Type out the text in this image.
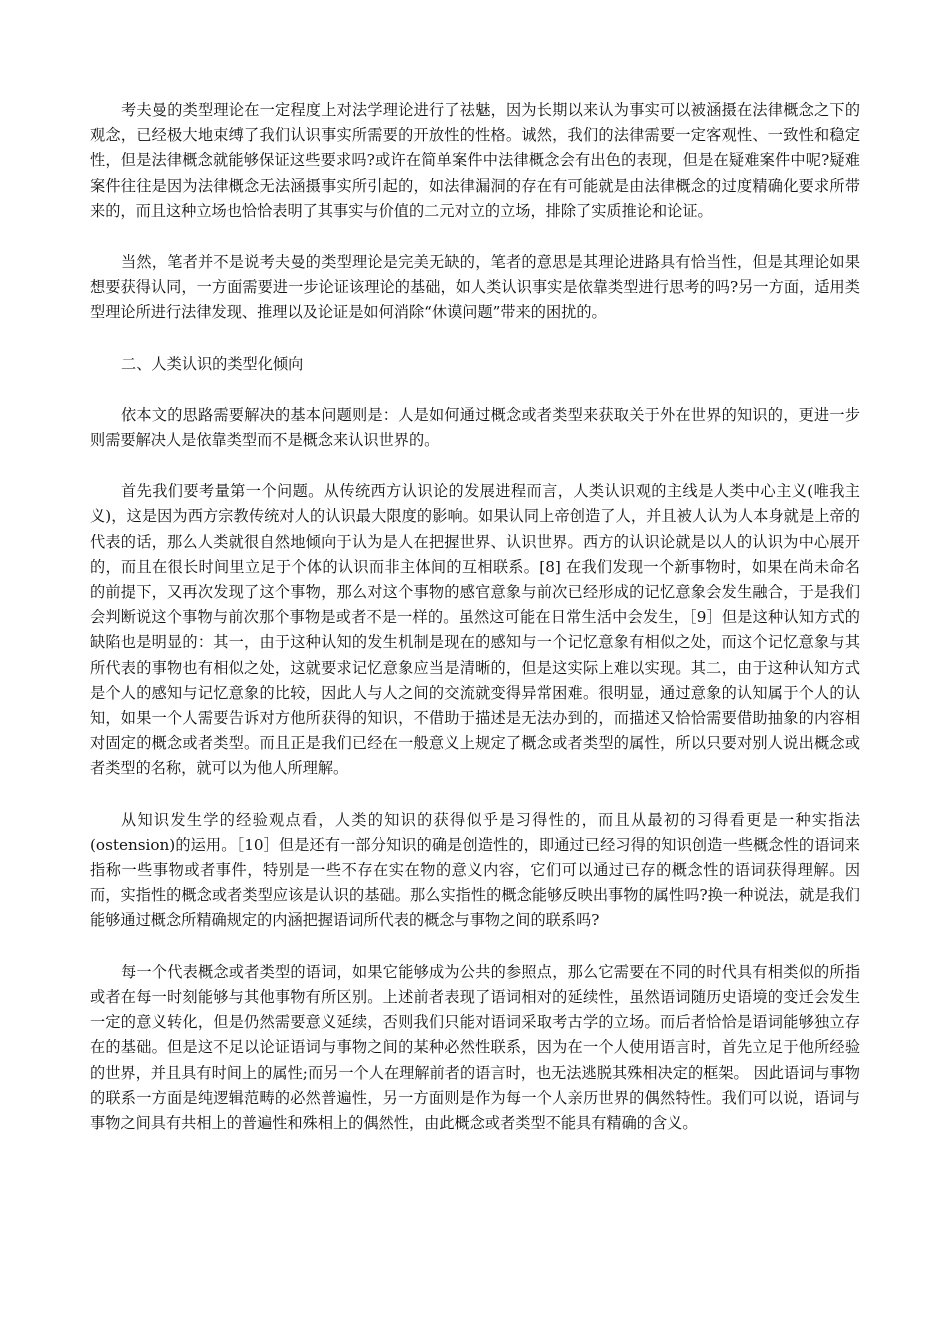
考夫曼的类型理论在一定程度上对法学理论进行了祛魅，因为长期以来认为事实可以被涵摄在法律概念之下的观念，已经极大地束缚了我们认识事实所需要的开放性的性格。诚然，我们的法律需要一定客观性、一致性和稳定性，但是法律概念就能够保证这些要求吗?或许在简单案件中法律概念会有出色的表现，但是在疑难案件中呢?疑难案件往往是因为法律概念无法涵摄事实所引起的，如法律漏洞的存在有可能就是由法律概念的过度精确化要求所带来的，而且这种立场也恰恰表明了其事实与价值的二元对立的立场，排除了实质推论和论证。

当然，笔者并不是说考夫曼的类型理论是完美无缺的，笔者的意思是其理论进路具有恰当性，但是其理论如果想要获得认同，一方面需要进一步论证该理论的基础，如人类认识事实是依靠类型进行思考的吗?另一方面，适用类型理论所进行法律发现、推理以及论证是如何消除“休谟问题”带来的困扰的。

二、人类认识的类型化倾向

依本文的思路需要解决的基本问题则是：人是如何通过概念或者类型来获取关于外在世界的知识的，更进一步则需要解决人是依靠类型而不是概念来认识世界的。

首先我们要考量第一个问题。从传统西方认识论的发展进程而言，人类认识观的主线是人类中心主义(唯我主义)，这是因为西方宗教传统对人的认识最大限度的影响。如果认同上帝创造了人，并且被人认为人本身就是上帝的代表的话，那么人类就很自然地倾向于认为是人在把握世界、认识世界。西方的认识论就是以人的认识为中心展开的，而且在很长时间里立足于个体的认识而非主体间的互相联系。[8] 在我们发现一个新事物时，如果在尚未命名的前提下，又再次发现了这个事物，那么对这个事物的感官意象与前次已经形成的记忆意象会发生融合，于是我们会判断说这个事物与前次那个事物是或者不是一样的。虽然这可能在日常生活中会发生，［9］但是这种认知方式的缺陷也是明显的：其一，由于这种认知的发生机制是现在的感知与一个记忆意象有相似之处，而这个记忆意象与其所代表的事物也有相似之处，这就要求记忆意象应当是清晰的，但是这实际上难以实现。其二，由于这种认知方式是个人的感知与记忆意象的比较，因此人与人之间的交流就变得异常困难。很明显，通过意象的认知属于个人的认知，如果一个人需要告诉对方他所获得的知识，不借助于描述是无法办到的，而描述又恰恰需要借助抽象的内容相对固定的概念或者类型。而且正是我们已经在一般意义上规定了概念或者类型的属性，所以只要对别人说出概念或者类型的名称，就可以为他人所理解。

从知识发生学的经验观点看，人类的知识的获得似乎是习得性的，而且从最初的习得看更是一种实指法(ostension)的运用。［10］但是还有一部分知识的确是创造性的，即通过已经习得的知识创造一些概念性的语词来指称一些事物或者事件，特别是一些不存在实在物的意义内容，它们可以通过已存的概念性的语词获得理解。因而，实指性的概念或者类型应该是认识的基础。那么实指性的概念能够反映出事物的属性吗?换一种说法，就是我们能够通过概念所精确规定的内涵把握语词所代表的概念与事物之间的联系吗?

每一个代表概念或者类型的语词，如果它能够成为公共的参照点，那么它需要在不同的时代具有相类似的所指或者在每一时刻能够与其他事物有所区别。上述前者表现了语词相对的延续性，虽然语词随历史语境的变迁会发生一定的意义转化，但是仍然需要意义延续，否则我们只能对语词采取考古学的立场。而后者恰恰是语词能够独立存在的基础。但是这不足以论证语词与事物之间的某种必然性联系，因为在一个人使用语言时，首先立足于他所经验的世界，并且具有时间上的属性;而另一个人在理解前者的语言时，也无法逃脱其殊相决定的框架。 因此语词与事物的联系一方面是纯逻辑范畴的必然普遍性，另一方面则是作为每一个人亲历世界的偶然特性。我们可以说，语词与事物之间具有共相上的普遍性和殊相上的偶然性，由此概念或者类型不能具有精确的含义。
